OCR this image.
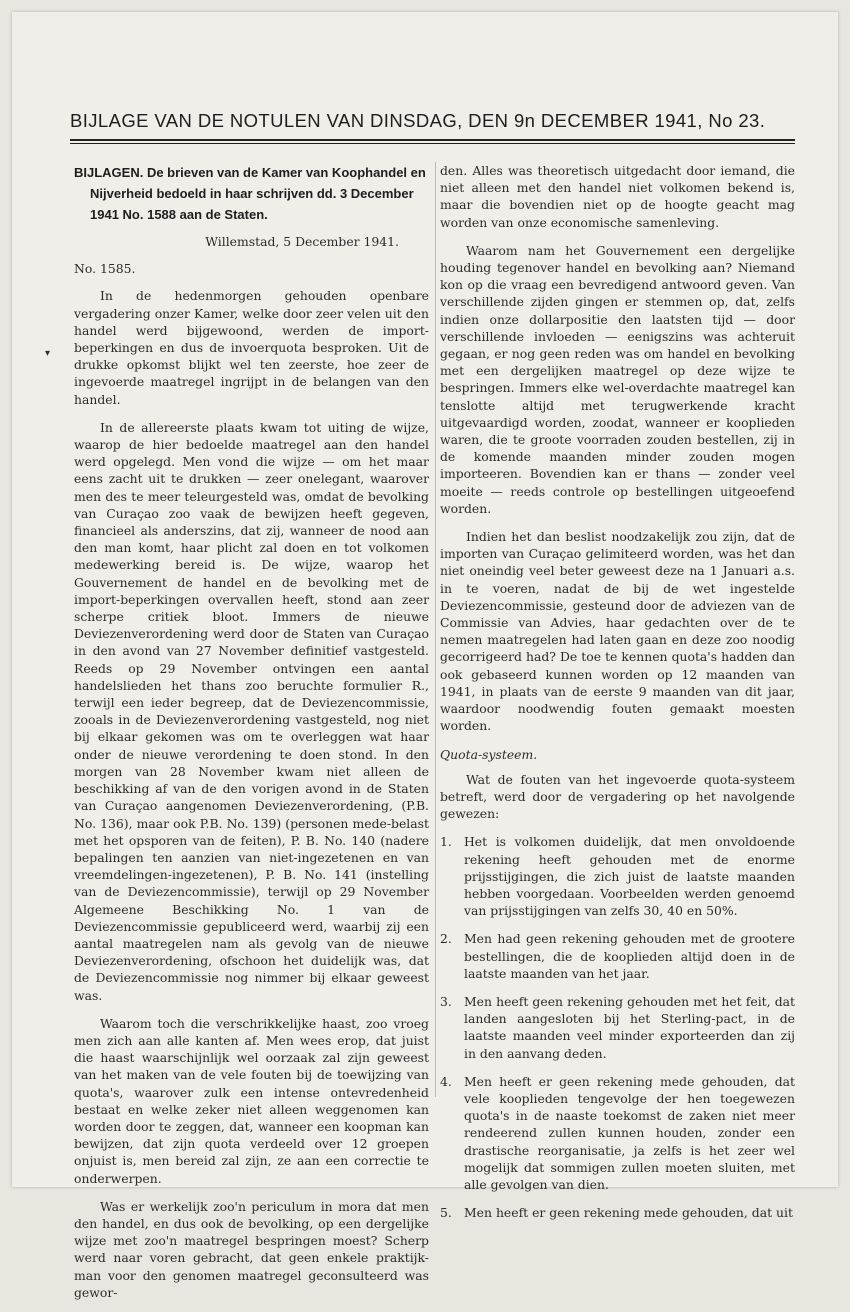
BIJLAGE VAN DE NOTULEN VAN DINSDAG, DEN 9n DECEMBER 1941, No 23.
▾
BIJLAGEN. De brieven van de Kamer van Koophandel en Nijverheid bedoeld in haar schrijven dd. 3 December 1941 No. 1588 aan de Staten.
Willemstad, 5 December 1941.
No. 1585.

In de hedenmorgen gehouden openbare vergadering onzer Kamer, welke door zeer velen uit den handel werd bijgewoond, werden de import-beperkingen en dus de invoerquota besproken. Uit de drukke opkomst blijkt wel ten zeerste, hoe zeer de ingevoerde maatregel ingrijpt in de belangen van den handel.

In de allereerste plaats kwam tot uiting de wijze, waarop de hier bedoelde maatregel aan den handel werd opgelegd. Men vond die wijze — om het maar eens zacht uit te drukken — zeer onelegant, waarover men des te meer teleurgesteld was, omdat de bevolking van Curaçao zoo vaak de bewijzen heeft gegeven, financieel als anderszins, dat zij, wanneer de nood aan den man komt, haar plicht zal doen en tot volkomen medewerking bereid is. De wijze, waarop het Gouvernement de handel en de bevolking met de import-beperkingen overvallen heeft, stond aan zeer scherpe critiek bloot. Immers de nieuwe Deviezenverordening werd door de Staten van Curaçao in den avond van 27 November definitief vastgesteld. Reeds op 29 November ontvingen een aantal handelslieden het thans zoo beruchte formulier R., terwijl een ieder begreep, dat de Deviezencommissie, zooals in de Deviezenverordening vastgesteld, nog niet bij elkaar gekomen was om te overleggen wat haar onder de nieuwe verordening te doen stond. In den morgen van 28 November kwam niet alleen de beschikking af van de den vorigen avond in de Staten van Curaçao aangenomen Deviezenverordening, (P.B. No. 136), maar ook P.B. No. 139) (personen mede-belast met het opsporen van de feiten), P. B. No. 140 (nadere bepalingen ten aanzien van niet-ingezetenen en van vreemdelingen-ingezetenen), P. B. No. 141 (instelling van de Deviezencommissie), terwijl op 29 November Algemeene Beschikking No. 1 van de Deviezencommissie gepubliceerd werd, waarbij zij een aantal maatregelen nam als gevolg van de nieuwe Deviezenverordening, ofschoon het duidelijk was, dat de Deviezencommissie nog nimmer bij elkaar geweest was.

Waarom toch die verschrikkelijke haast, zoo vroeg men zich aan alle kanten af. Men wees erop, dat juist die haast waarschijnlijk wel oorzaak zal zijn geweest van het maken van de vele fouten bij de toewijzing van quota's, waarover zulk een intense ontevredenheid bestaat en welke zeker niet alleen weggenomen kan worden door te zeggen, dat, wanneer een koopman kan bewijzen, dat zijn quota verdeeld over 12 groepen onjuist is, men bereid zal zijn, ze aan een correctie te onderwerpen.

Was er werkelijk zoo'n periculum in mora dat men den handel, en dus ook de bevolking, op een dergelijke wijze met zoo'n maatregel bespringen moest? Scherp werd naar voren gebracht, dat geen enkele praktijk-man voor den genomen maatregel geconsulteerd was gewor-

den. Alles was theoretisch uitgedacht door iemand, die niet alleen met den handel niet volkomen bekend is, maar die bovendien niet op de hoogte geacht mag worden van onze economische samenleving.

Waarom nam het Gouvernement een dergelijke houding tegenover handel en bevolking aan? Niemand kon op die vraag een bevredigend antwoord geven. Van verschillende zijden gingen er stemmen op, dat, zelfs indien onze dollarpositie den laatsten tijd — door verschillende invloeden — eenigszins was achteruit gegaan, er nog geen reden was om handel en bevolking met een dergelijken maatregel op deze wijze te bespringen. Immers elke wel-overdachte maatregel kan tenslotte altijd met terugwerkende kracht uitgevaardigd worden, zoodat, wanneer er kooplieden waren, die te groote voorraden zouden bestellen, zij in de komende maanden minder zouden mogen importeeren. Bovendien kan er thans — zonder veel moeite — reeds controle op bestellingen uitgeoefend worden.

Indien het dan beslist noodzakelijk zou zijn, dat de importen van Curaçao gelimiteerd worden, was het dan niet oneindig veel beter geweest deze na 1 Januari a.s. in te voeren, nadat de bij de wet ingestelde Deviezencommissie, gesteund door de adviezen van de Commissie van Advies, haar gedachten over de te nemen maatregelen had laten gaan en deze zoo noodig gecorrigeerd had? De toe te kennen quota's hadden dan ook gebaseerd kunnen worden op 12 maanden van 1941, in plaats van de eerste 9 maanden van dit jaar, waardoor noodwendig fouten gemaakt moesten worden.

Quota-systeem.

Wat de fouten van het ingevoerde quota-systeem betreft, werd door de vergadering op het navolgende gewezen:

1. Het is volkomen duidelijk, dat men onvoldoende rekening heeft gehouden met de enorme prijsstijgingen, die zich juist de laatste maanden hebben voorgedaan. Voorbeelden werden genoemd van prijsstijgingen van zelfs 30, 40 en 50%.
2. Men had geen rekening gehouden met de grootere bestellingen, die de kooplieden altijd doen in de laatste maanden van het jaar.
3. Men heeft geen rekening gehouden met het feit, dat landen aangesloten bij het Sterling-pact, in de laatste maanden veel minder exporteerden dan zij in den aanvang deden.
4. Men heeft er geen rekening mede gehouden, dat vele kooplieden tengevolge der hen toegewezen quota's in de naaste toekomst de zaken niet meer rendeerend zullen kunnen houden, zonder een drastische reorganisatie, ja zelfs is het zeer wel mogelijk dat sommigen zullen moeten sluiten, met alle gevolgen van dien.
5. Men heeft er geen rekening mede gehouden, dat uit
